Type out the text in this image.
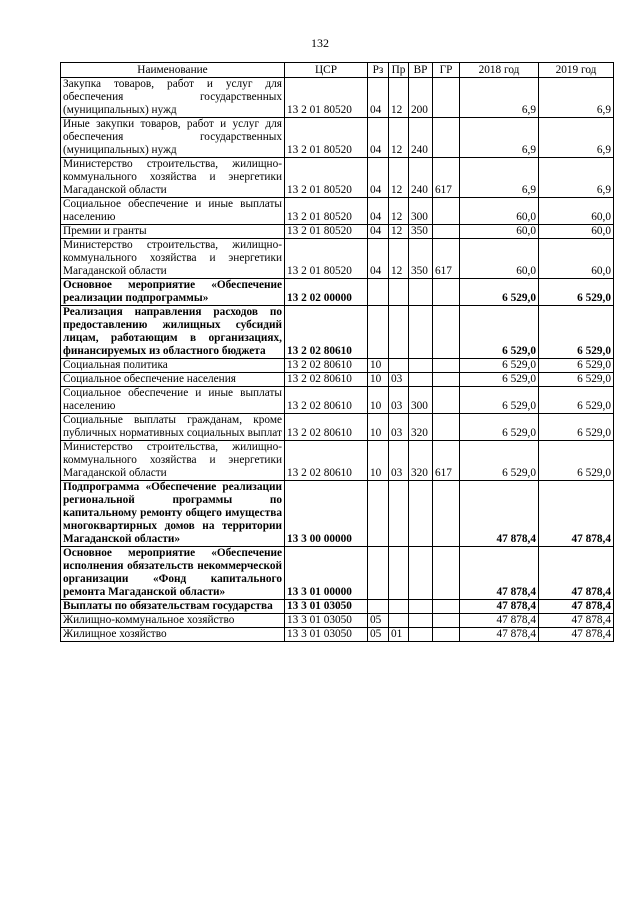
132
Наименование	ЦСР	Рз	Пр	ВР	ГР	2018 год	2019 год
Закупка товаров, работ и услуг для обеспечения государственных (муниципальных) нужд	13 2 01 80520	04	12	200		6,9	6,9
Иные закупки товаров, работ и услуг для обеспечения государственных (муниципальных) нужд	13 2 01 80520	04	12	240		6,9	6,9
Министерство строительства, жилищно-коммунального хозяйства и энергетики Магаданской области	13 2 01 80520	04	12	240	617	6,9	6,9
Социальное обеспечение и иные выплаты населению	13 2 01 80520	04	12	300		60,0	60,0
Премии и гранты	13 2 01 80520	04	12	350		60,0	60,0
Министерство строительства, жилищно-коммунального хозяйства и энергетики Магаданской области	13 2 01 80520	04	12	350	617	60,0	60,0
Основное мероприятие «Обеспечение реализации подпрограммы»	13 2 02 00000					6 529,0	6 529,0
Реализация направления расходов по предоставлению жилищных субсидий лицам, работающим в организациях, финансируемых из областного бюджета	13 2 02 80610					6 529,0	6 529,0
Социальная политика	13 2 02 80610	10				6 529,0	6 529,0
Социальное обеспечение населения	13 2 02 80610	10	03			6 529,0	6 529,0
Социальное обеспечение и иные выплаты населению	13 2 02 80610	10	03	300		6 529,0	6 529,0
Социальные выплаты гражданам, кроме публичных нормативных социальных выплат	13 2 02 80610	10	03	320		6 529,0	6 529,0
Министерство строительства, жилищно-коммунального хозяйства и энергетики Магаданской области	13 2 02 80610	10	03	320	617	6 529,0	6 529,0
Подпрограмма «Обеспечение реализации региональной программы по капитальному ремонту общего имущества многоквартирных домов на территории Магаданской области»	13 3 00 00000					47 878,4	47 878,4
Основное мероприятие «Обеспечение исполнения обязательств некоммерческой организации «Фонд капитального ремонта Магаданской области»	13 3 01 00000					47 878,4	47 878,4
Выплаты по обязательствам государства	13 3 01 03050					47 878,4	47 878,4
Жилищно-коммунальное хозяйство	13 3 01 03050	05				47 878,4	47 878,4
Жилищное хозяйство	13 3 01 03050	05	01			47 878,4	47 878,4
